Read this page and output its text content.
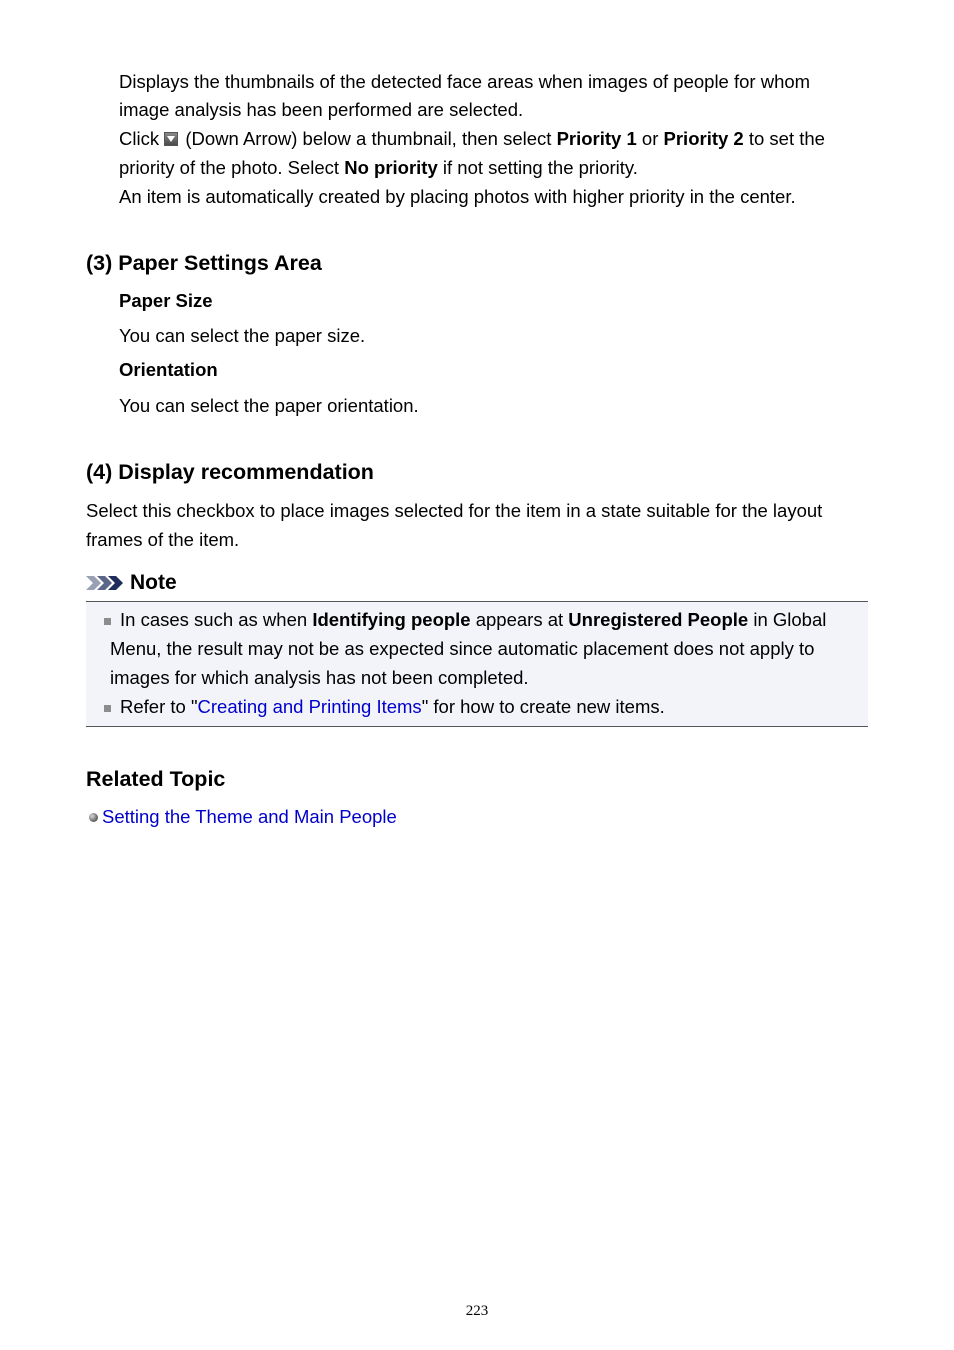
Displays the thumbnails of the detected face areas when images of people for whom
image analysis has been performed are selected.
Click  (Down Arrow) below a thumbnail, then select Priority 1 or Priority 2 to set the
priority of the photo. Select No priority if not setting the priority.
An item is automatically created by placing photos with higher priority in the center.
(3) Paper Settings Area
Paper Size
You can select the paper size.
Orientation
You can select the paper orientation.
(4) Display recommendation
Select this checkbox to place images selected for the item in a state suitable for the layout
frames of the item.
Note
In cases such as when Identifying people appears at Unregistered People in Global
Menu, the result may not be as expected since automatic placement does not apply to
images for which analysis has not been completed.
Refer to "Creating and Printing Items" for how to create new items.
Related Topic
Setting the Theme and Main People
223
